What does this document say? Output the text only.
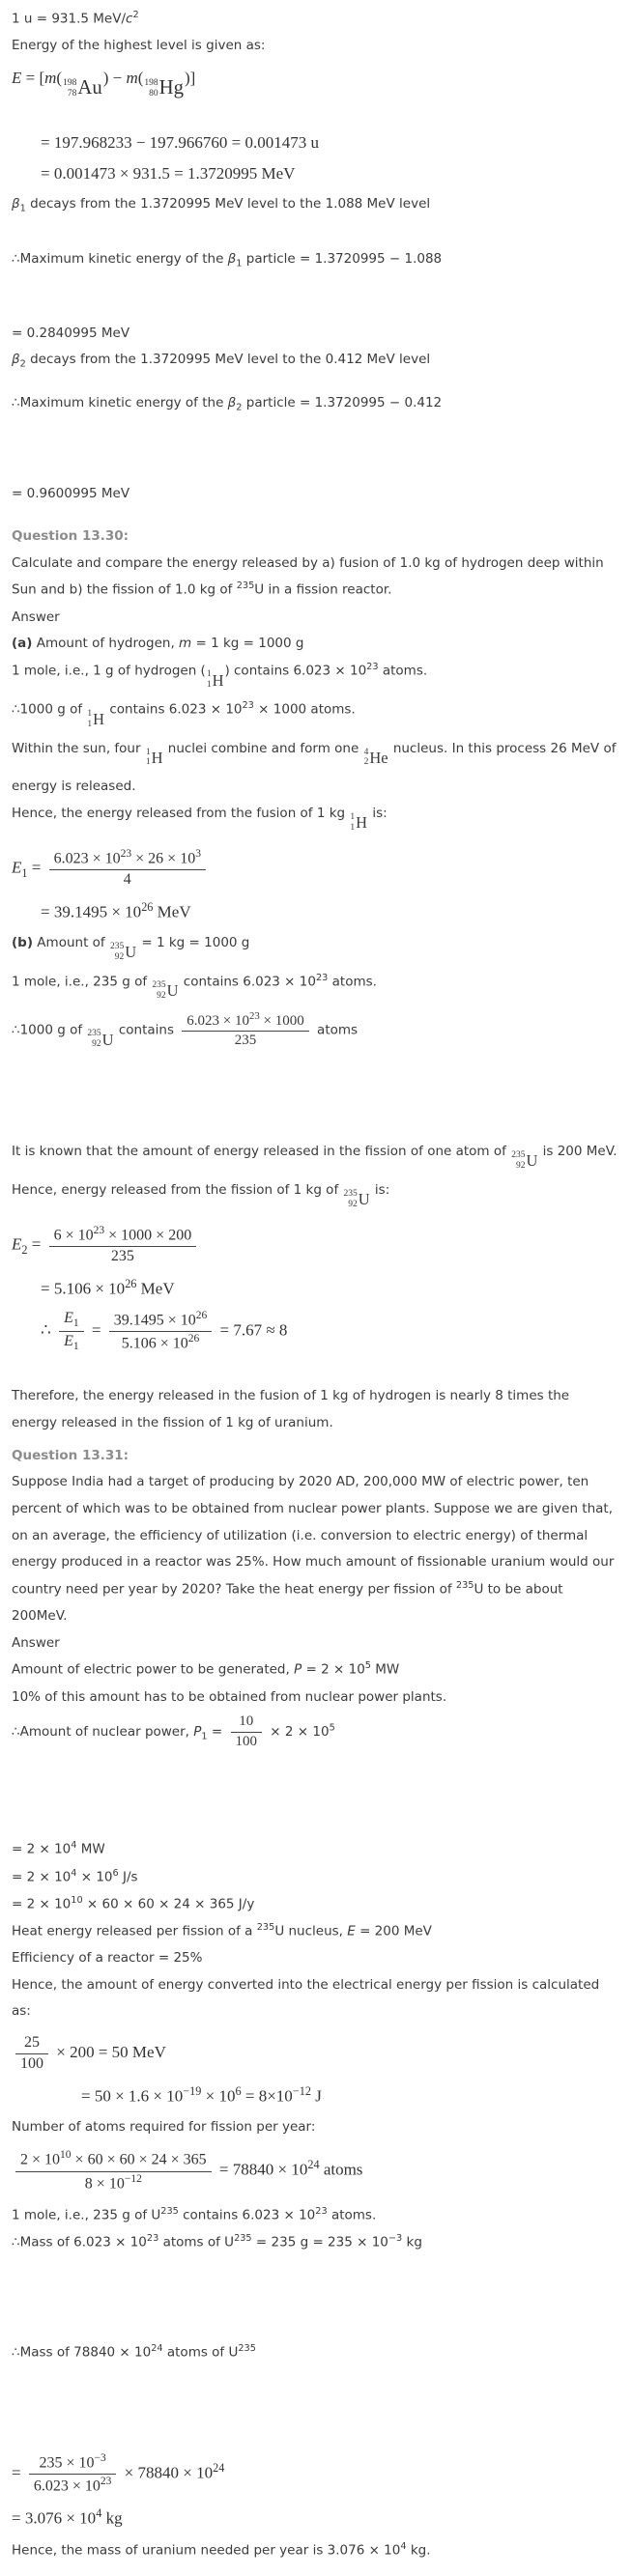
1 u = 931.5 MeV/$c^2$
Energy of the highest level is given as:
E = [m( 198
78 Au ) − m( 198
80 Hg )]
= 197.968233 − 197.966760 = 0.001473 u
= 0.001473 × 931.5 = 1.3720995 MeV
$\beta_1$ decays from the 1.3720995 MeV level to the 1.088 MeV level
∴Maximum kinetic energy of the $\beta_1$ particle = 1.3720995 − 1.088
= 0.2840995 MeV
$\beta_2$ decays from the 1.3720995 MeV level to the 0.412 MeV level
∴Maximum kinetic energy of the $\beta_2$ particle = 1.3720995 − 0.412
= 0.9600995 MeV
Question 13.30:
Calculate and compare the energy released by a) fusion of 1.0 kg of hydrogen deep within Sun and b) the fission of 1.0 kg of $^{235}$U in a fission reactor.
Answer
(a) Amount of hydrogen, m = 1 kg = 1000 g
1 mole, i.e., 1 g of hydrogen ( 1
1 H
) contains $6.023 \times 10^{23}$ atoms.
∴1000 g of 1
1 H
contains $6.023 \times 10^{23} \times 1000$ atoms.
Within the sun, four 1
1 H
nuclei combine and form one 4
2 He
nucleus. In this process 26 MeV of energy is released.
Hence, the energy released from the fusion of 1 kg 1
1 H
is:
$E_1 = \frac{6.023 \times 10^{23} \times 26 \times 10^3}{4}$
= $39.1495 \times 10^{26}$ MeV
(b) Amount of 235
92 U
= 1 kg = 1000 g
1 mole, i.e., 235 g of 235
92 U
contains $6.023 \times 10^{23}$ atoms.
∴1000 g of 235
92 U
contains $\frac{6.023 \times 10^{23} \times 1000}{235}$ atoms
It is known that the amount of energy released in the fission of one atom of 235
92 U
is 200 MeV.
Hence, energy released from the fission of 1 kg of 235
92 U
is:
$E_2 = \frac{6 \times 10^{23} \times 1000 \times 200}{235}$
= $5.106 \times 10^{26}$ MeV
∴ $\frac{E_1}{E_1} = \frac{39.1495 \times 10^{26}}{5.106 \times 10^{26}} = 7.67 \approx 8$
Therefore, the energy released in the fusion of 1 kg of hydrogen is nearly 8 times the energy released in the fission of 1 kg of uranium.
Question 13.31:
Suppose India had a target of producing by 2020 AD, 200,000 MW of electric power, ten percent of which was to be obtained from nuclear power plants. Suppose we are given that, on an average, the efficiency of utilization (i.e. conversion to electric energy) of thermal energy produced in a reactor was 25%. How much amount of fissionable uranium would our country need per year by 2020? Take the heat energy per fission of $^{235}$U to be about 200MeV.
Answer
Amount of electric power to be generated, $P = 2 \times 10^5$ MW
10% of this amount has to be obtained from nuclear power plants.
∴Amount of nuclear power, $P_1 = \frac{10}{100} \times 2 \times 10^5$
= $2 \times 10^4$ MW
= $2 \times 10^4 \times 10^6$ J/s
= $2 \times 10^{10} \times 60 \times 60 \times 24 \times 365$ J/y
Heat energy released per fission of a $^{235}$U nucleus, E = 200 MeV
Efficiency of a reactor = 25%
Hence, the amount of energy converted into the electrical energy per fission is calculated as:
$\frac{25}{100} \times 200 = 50$ MeV
= $50 \times 1.6 \times 10^{-19} \times 10^6 = 8\times 10^{-12}$ J
Number of atoms required for fission per year:
$\frac{2 \times 10^{10} \times 60 \times 60 \times 24 \times 365}{8 \times 10^{-12}} = 78840 \times 10^{24}$ atoms
1 mole, i.e., 235 g of $U^{235}$ contains $6.023 \times 10^{23}$ atoms.
∴Mass of $6.023 \times 10^{23}$ atoms of $U^{235} = 235$ $g = 235 \times 10^{-3}$ kg
∴Mass of $78840 \times 10^{24}$ atoms of $U^{235}$
= $\frac{235 \times 10^{-3}}{6.023 \times 10^{23}} \times 78840 \times 10^{24}$
= $3.076 \times 10^4$ kg
Hence, the mass of uranium needed per year is $3.076 \times 10^4$ kg.
